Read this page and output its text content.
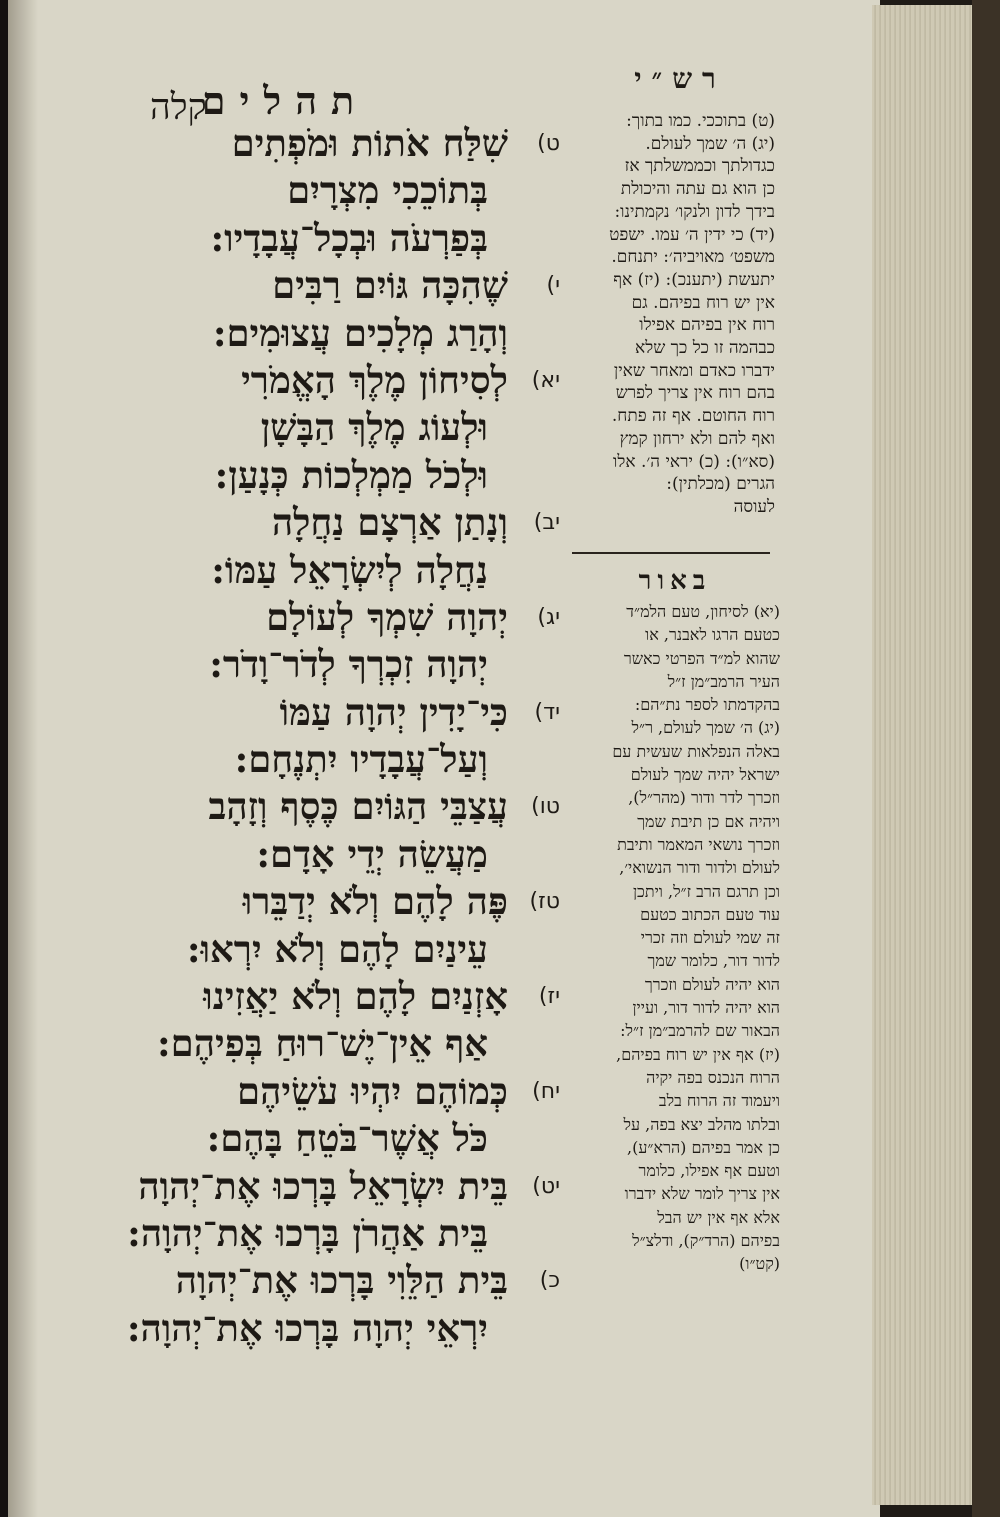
תהלים
קלה
(ט
שִׁלַּח אֹתוֹת וּמֹפְתִים
בְּתוֹכֵכִי מִצְרָיִם
בְּפַרְעֹה וּבְכָל־עֲבָדָיו:
(י
שֶׁהִכָּה גּוֹיִם רַבִּים
וְהָרַג מְלָכִים עֲצוּמִים:
(יא
לְסִיחוֹן מֶלֶךְ הָאֱמֹרִי
וּלְעוֹג מֶלֶךְ הַבָּשָׁן
וּלְכֹל מַמְלְכוֹת כְּנָעַן:
(יב
וְנָתַן אַרְצָם נַחֲלָה
נַחֲלָה לְיִשְׂרָאֵל עַמּוֹ:
(יג
יְהוָה שִׁמְךָ לְעוֹלָם
יְהוָה זִכְרְךָ לְדֹר־וָדֹר:
(יד
כִּי־יָדִין יְהוָה עַמּוֹ
וְעַל־עֲבָדָיו יִתְנֶחָם:
(טו
עֲצַבֵּי הַגּוֹיִם כֶּסֶף וְזָהָב
מַעֲשֵׂה יְדֵי אָדָם:
(טז
פֶּה לָהֶם וְלֹא יְדַבֵּרוּ
עֵינַיִם לָהֶם וְלֹא יִרְאוּ:
(יז
אָזְנַיִם לָהֶם וְלֹא יַאֲזִינוּ
אַף אֵין־יֶשׁ־רוּחַ בְּפִיהֶם:
(יח
כְּמוֹהֶם יִהְיוּ עֹשֵׂיהֶם
כֹּל אֲשֶׁר־בֹּטֵחַ בָּהֶם:
(יט
בֵּית יִשְׂרָאֵל בָּרְכוּ אֶת־יְהוָה
בֵּית אַהֲרֹן בָּרְכוּ אֶת־יְהוָה:
(כ
בֵּית הַלֵּוִי בָּרְכוּ אֶת־יְהוָה
יִרְאֵי יְהוָה בָּרְכוּ אֶת־יְהוָה:
רש״י
(ט) בתוככי. כמו בתוך:
(יג) ה׳ שמך לעולם.
כגדולתך וכממשלתך אז
כן הוא גם עתה והיכולת
בידך לדון ולנקו׳ נקמתינו:
(יד) כי ידין ה׳ עמו. ישפט
משפט׳ מאויביה׳: יתנחם.
יתעשת (יתענכ): (יז) אף
אין יש רוח בפיהם. גם
רוח אין בפיהם אפילו
כבהמה זו כל כך שלא
ידברו כאדם ומאחר שאין
בהם רוח אין צריך לפרש
רוח החוטם. אף זה פתח.
ואף להם ולא ירחון קמץ
(סא״ו): (כ) יראי ה׳. אלו
הגרים (מכלתין):
לעוסה
באור
(יא) לסיחון, טעם הלמ״ד
כטעם הרגו לאבנר, או
שהוא למ״ד הפרטי כאשר
העיר הרמב״מן ז״ל
בהקדמתו לספר נת״הם:
(יג) ה׳ שמך לעולם, ר״ל
באלה הנפלאות שעשית עם
ישראל יהיה שמך לעולם
וזכרך לדר ודור (מהר״ל),
ויהיה אם כן תיבת שמך
וזכרך נושאי המאמר ותיבת
לעולם ולדור ודור הנשואי׳,
וכן תרגם הרב ז״ל, ויתכן
עוד טעם הכתוב כטעם
זה שמי לעולם וזה זכרי
לדור דור, כלומר שמך
הוא יהיה לעולם וזכרך
הוא יהיה לדור דור, ועיין
הבאור שם להרמב״מן ז״ל:
(יז) אף אין יש רוח בפיהם,
הרוח הנכנס בפה יקיה
ויעמוד זה הרוח בלב
ובלתו מהלב יצא בפה, על
כן אמר בפיהם (הרא״ע),
וטעם אף אפילו, כלומר
אין צריך לומר שלא ידברו
אלא אף אין יש הבל
בפיהם (הרד״ק), ודלצ״ל
(קט״ו)
